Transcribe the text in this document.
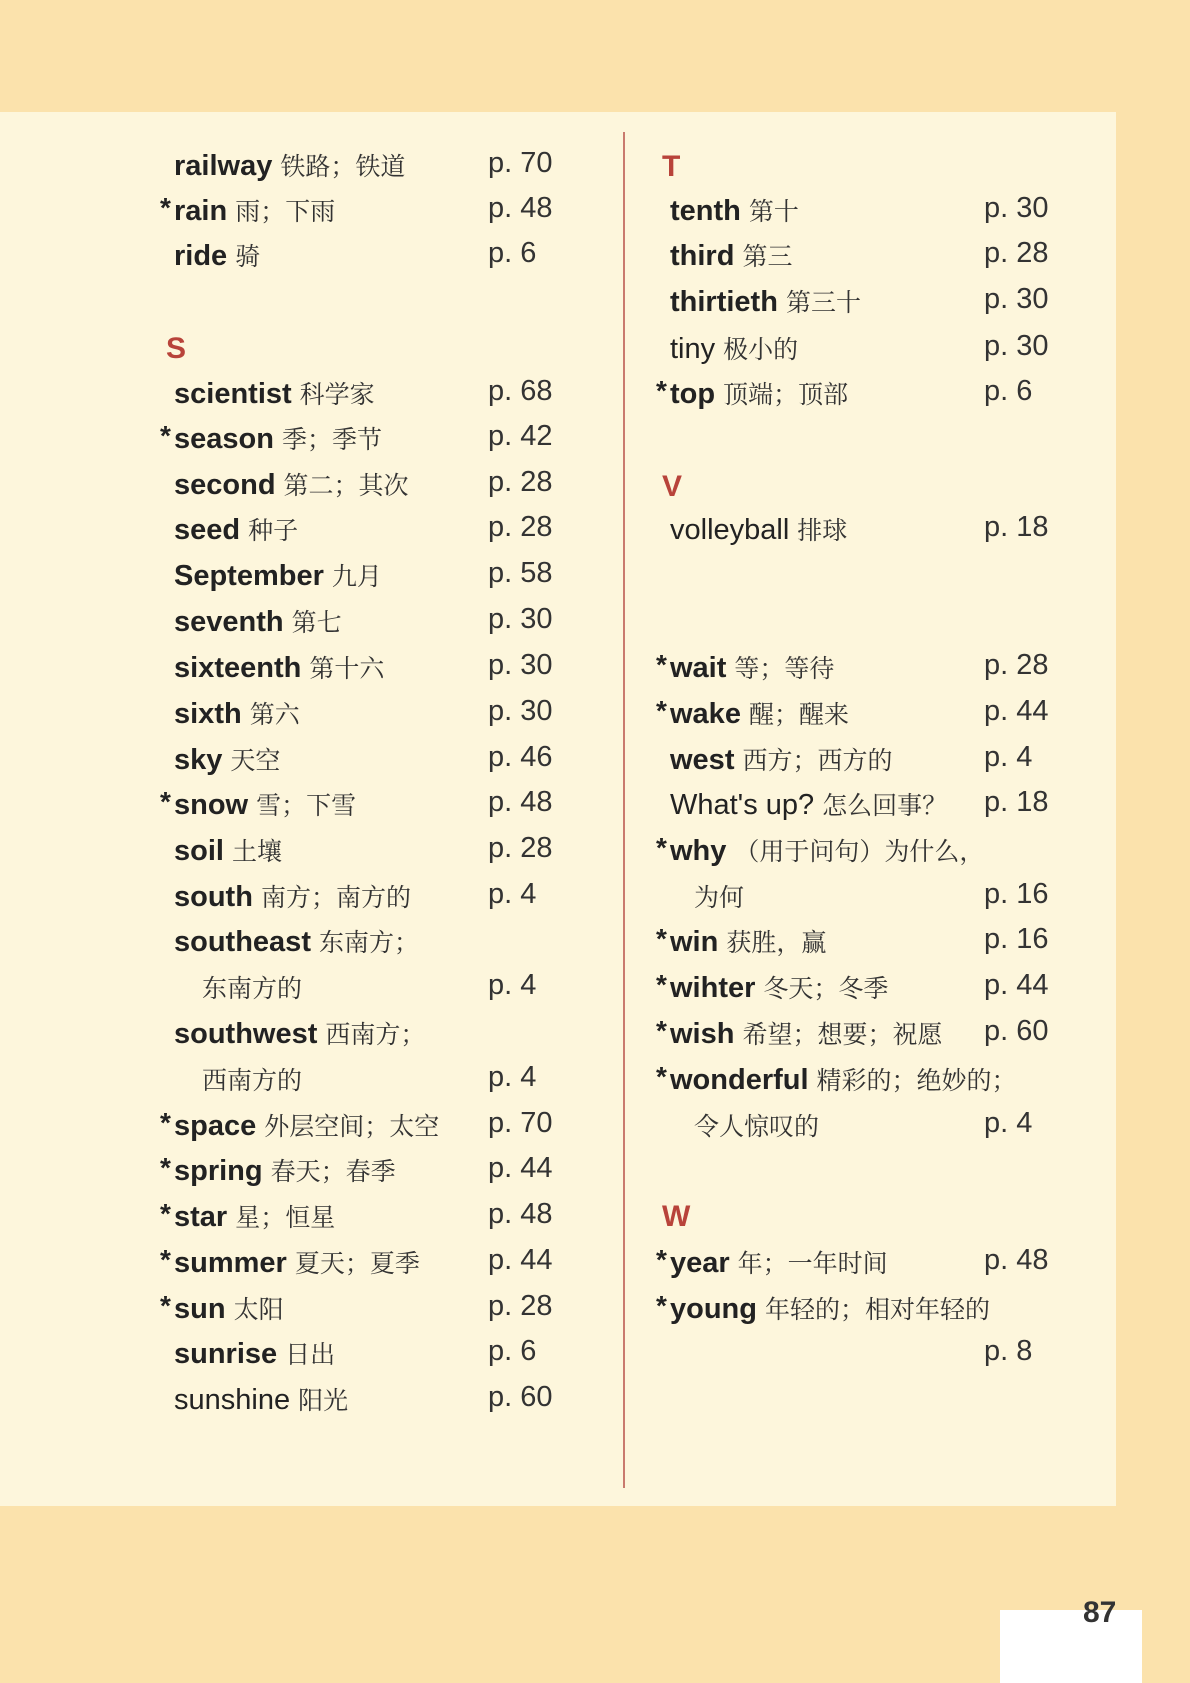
railway 铁路；铁道	p. 70
* rain 雨；下雨	p. 48
ride 骑	p. 6
S
scientist 科学家	p. 68
* season 季；季节	p. 42
second 第二；其次	p. 28
seed 种子	p. 28
September 九月	p. 58
seventh 第七	p. 30
sixteenth 第十六	p. 30
sixth 第六	p. 30
sky 天空	p. 46
* snow 雪；下雪	p. 48
soil 土壤	p. 28
south 南方；南方的	p. 4
southeast 东南方；
东南方的	p. 4
southwest 西南方；
西南方的	p. 4
* space 外层空间；太空 p. 70
* spring 春天；春季	p. 44
* star 星；恒星	p. 48
* summer 夏天；夏季 p. 44
* sun 太阳	p. 28
sunrise 日出	p. 6
sunshine 阳光	p. 60
T
tenth 第十	p. 30
third 第三	p. 28
thirtieth 第三十	p. 30
tiny 极小的	p. 30
* top 顶端；顶部	p. 6
V
volleyball 排球	p. 18
* wait 等；等待	p. 28
* wake 醒；醒来	p. 44
west 西方；西方的	p. 4
What's up? 怎么回事？ p. 18
* why （用于问句）为什么，
为何	p. 16
* win 获胜，赢	p. 16
* wihter 冬天；冬季	p. 44
* wish 希望；想要；祝愿 p. 60
* wonderful 精彩的；绝妙的；
令人惊叹的	p. 4
W
* year 年；一年时间	p. 48
* young 年轻的；相对年轻的
p. 8
87
